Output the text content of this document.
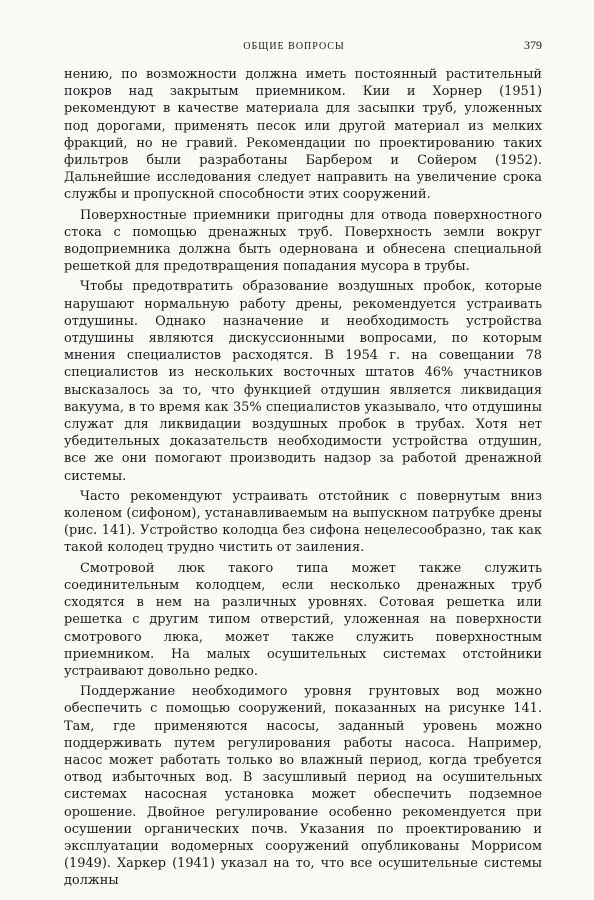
ОБЩИЕ ВОПРОСЫ	379

нению, по возможности должна иметь постоянный растительный покров над закрытым приемником. Кии и Хорнер (1951) рекомендуют в качестве материала для засыпки труб, уложенных под дорогами, применять песок или другой материал из мелких фракций, но не гравий. Рекомендации по проектированию таких фильтров были разработаны Барбером и Сойером (1952). Дальнейшие исследования следует направить на увеличение срока службы и пропускной способности этих сооружений.

Поверхностные приемники пригодны для отвода поверхностного стока с помощью дренажных труб. Поверхность земли вокруг водоприемника должна быть одернована и обнесена специальной решеткой для предотвращения попадания мусора в трубы.

Чтобы предотвратить образование воздушных пробок, которые нарушают нормальную работу дрены, рекомендуется устраивать отдушины. Однако назначение и необходимость устройства отдушины являются дискуссионными вопросами, по которым мнения специалистов расходятся. В 1954 г. на совещании 78 специалистов из нескольких восточных штатов 46% участников высказалось за то, что функцией отдушин является ликвидация вакуума, в то время как 35% специалистов указывало, что отдушины служат для ликвидации воздушных пробок в трубах. Хотя нет убедительных доказательств необходимости устройства отдушин, все же они помогают производить надзор за работой дренажной системы.

Часто рекомендуют устраивать отстойник с повернутым вниз коленом (сифоном), устанавливаемым на выпускном патрубке дрены (рис. 141). Устройство колодца без сифона нецелесообразно, так как такой колодец трудно чистить от заиления.

Смотровой люк такого типа может также служить соединительным колодцем, если несколько дренажных труб сходятся в нем на различных уровнях. Сотовая решетка или решетка с другим типом отверстий, уложенная на поверхности смотрового люка, может также служить поверхностным приемником. На малых осушительных системах отстойники устраивают довольно редко.

Поддержание необходимого уровня грунтовых вод можно обеспечить с помощью сооружений, показанных на рисунке 141. Там, где применяются насосы, заданный уровень можно поддерживать путем регулирования работы насоса. Например, насос может работать только во влажный период, когда требуется отвод избыточных вод. В засушливый период на осушительных системах насосная установка может обеспечить подземное орошение. Двойное регулирование особенно рекомендуется при осушении органических почв. Указания по проектированию и эксплуатации водомерных сооружений опубликованы Моррисом (1949). Харкер (1941) указал на то, что все осушительные системы должны
